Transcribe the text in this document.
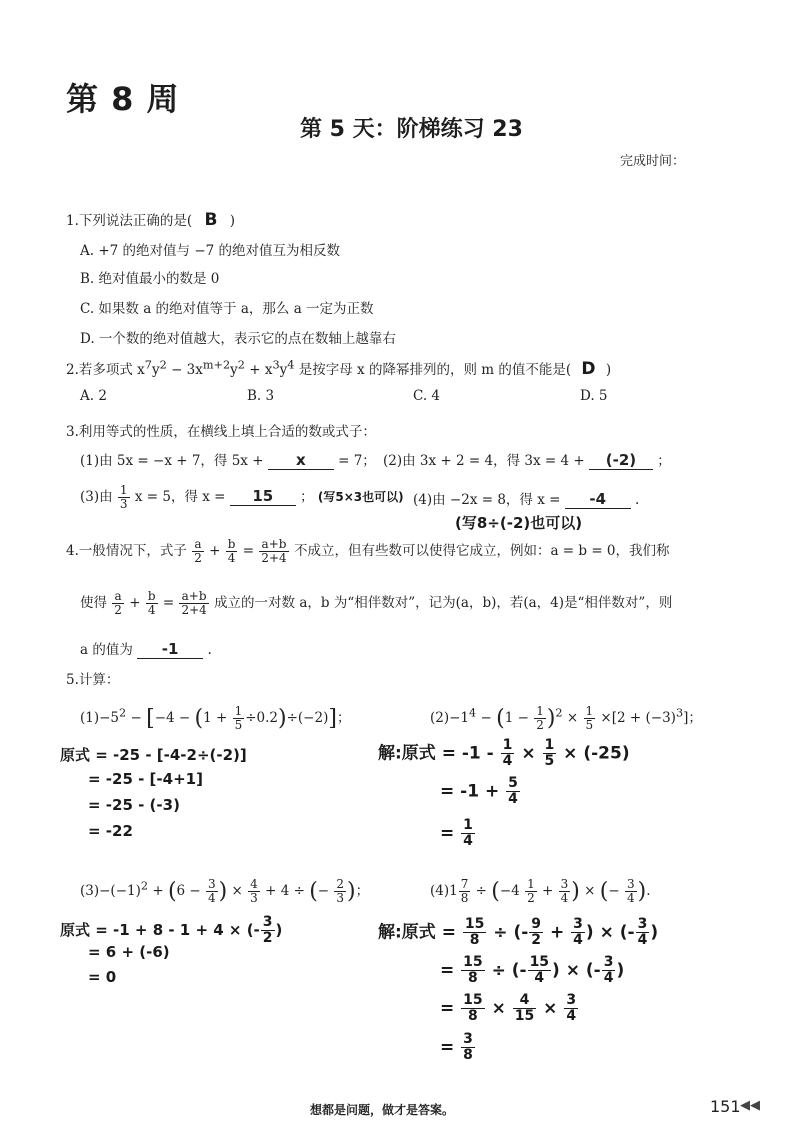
第 8 周
第 5 天：阶梯练习 23
完成时间：
1.下列说法正确的是( B )
A. +7 的绝对值与 −7 的绝对值互为相反数
B. 绝对值最小的数是 0
C. 如果数 a 的绝对值等于 a，那么 a 一定为正数
D. 一个数的绝对值越大，表示它的点在数轴上越靠右
2.若多项式 $x^7y^2 - 3x^{m+2}y^2 + x^3y^4$ 是按字母 x 的降幂排列的，则 m 的值不能是( D )
A. 2	B. 3	C. 4	D. 5
3.利用等式的性质，在横线上填上合适的数或式子：
(1)由 5x = −x + 7，得 5x + x = 7； (2)由 3x + 2 = 4，得 3x = 4 + (-2) ；
(3)由 $\frac{1}{3}$ x = 5，得 x = 15 ； (写5×3也可以) (4)由 −2x = 8，得 x = -4 .
(写8÷(-2)也可以)
4.一般情况下，式子 $\frac{a}{2} + \frac{b}{4} = \frac{a+b}{2+4}$ 不成立，但有些数可以使得它成立，例如：a = b = 0，我们称
使得 $\frac{a}{2} + \frac{b}{4} = \frac{a+b}{2+4}$ 成立的一对数 a，b 为“相伴数对”，记为(a，b)，若(a，4)是“相伴数对”，则
a 的值为 -1 .
5.计算：
$(1)-5^2 - [-4 - (1 + \frac{1}{5} \div 0.2)\div(-2)]$；	$(2)-1^4 - (1 - \frac{1}{2} )^2 \times \frac{1}{5} \times[2 + (-3)^3]$；
原式 = -25 - [-4-2÷(-2)]
= -25 - [-4+1]
= -25 - (-3)
= -22
解:原式 = $-1 - \frac{1}{4} \times \frac{1}{5} \times (-25)$
= $-1 + \frac{5}{4}$
= $\frac{1}{4}$
$(3)-(-1)^2 + (6 - \frac{3}{4}$ ) × $\frac{4}{3} + 4$ ÷ (− $\frac{2}{3}$ )；	$(4)1 \frac{7}{8} \div (-4 \frac{1}{2} + \frac{3}{4}$ ) × (− $\frac{3}{4}$ ).
原式 = -1 + 8 - 1 + 4 × (- $\frac{3}{2}$ )
= 6 + (-6)
= 0
解:原式 = $\frac{15}{8}$ ÷ (- $\frac{9}{2} + \frac{3}{4}$ ) × (- $\frac{3}{4}$ )
= $\frac{15}{8}$ ÷ (- $\frac{15}{4}$ ) × (- $\frac{3}{4}$ )
= $\frac{15}{8} \times \frac{4}{15} \times \frac{3}{4}$
= $\frac{3}{8}$
想都是问题，做才是答案。	151 ◀◀
